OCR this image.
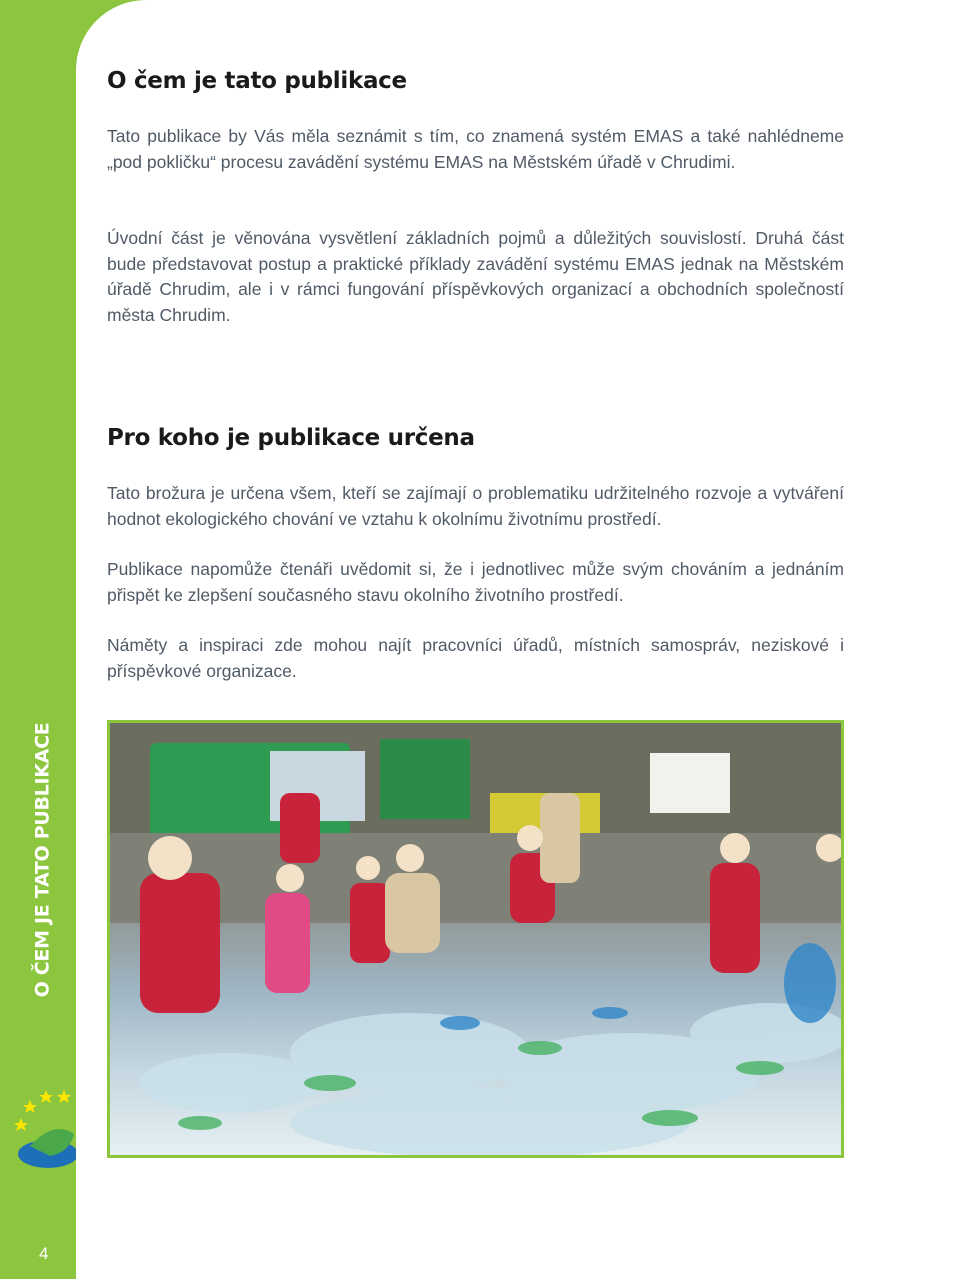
O ČEM JE TATO PUBLIKACE
4
O čem je tato publikace

Tato publikace by Vás měla seznámit s tím, co znamená systém EMAS a také nahlédneme „pod pokličku“ procesu zavádění systému EMAS na Městském úřadě v Chrudimi.

Úvodní část je věnována vysvětlení základních pojmů a důležitých souvislostí. Druhá část bude představovat postup a praktické příklady zavádění systému EMAS jednak na Městském úřadě Chrudim, ale i v rámci fungování příspěvkových organizací a obchodních společností města Chrudim.

Pro koho je publikace určena

Tato brožura je určena všem, kteří se zajímají o problematiku udržitelného rozvoje a vytváření hodnot ekologického chování ve vztahu k okolnímu životnímu prostředí.

Publikace napomůže čtenáři uvědomit si, že i jednotlivec může svým chováním a jednáním přispět ke zlepšení současného stavu okolního životního prostředí.

Náměty a inspiraci zde mohou najít pracovníci úřadů, místních samospráv, neziskové i příspěvkové organizace.
